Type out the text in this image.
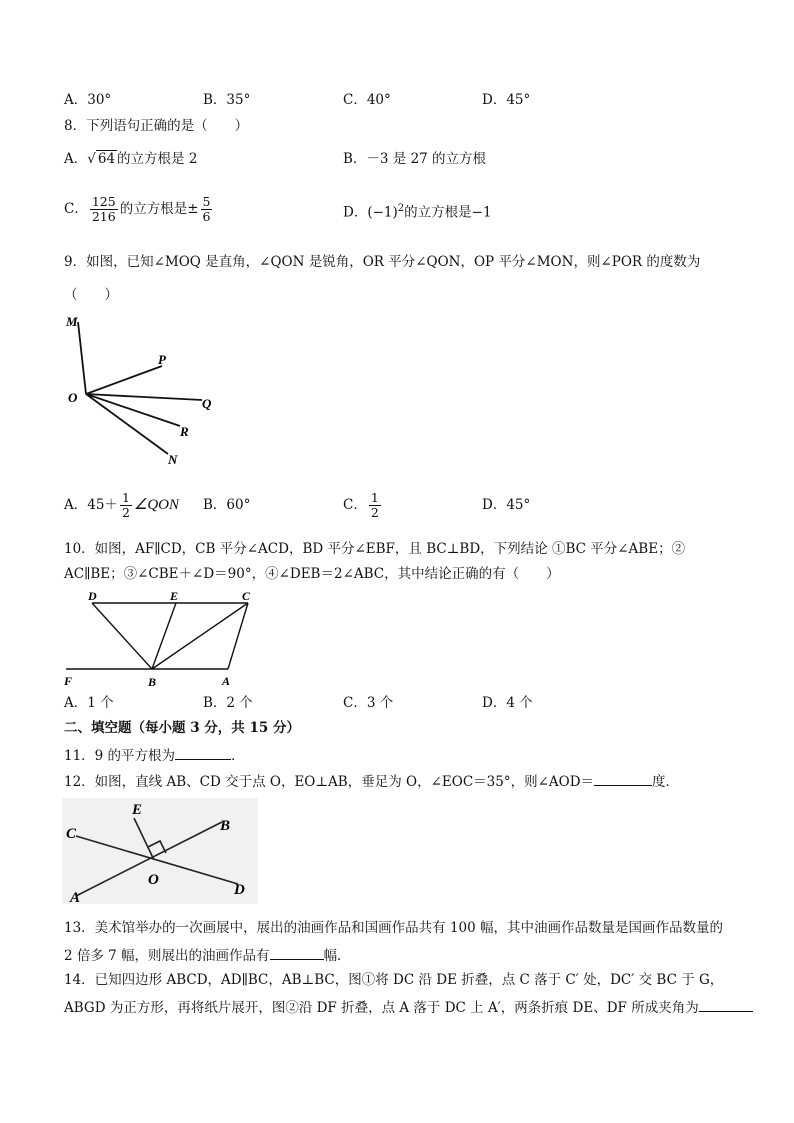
A．30°	B．35°	C．40°	D．45°
8．下列语句正确的是（　　）
A．√ 64 的立方根是 2	B．－3 是 27 的立方根
C． $\frac{125}{216}$ 的立方根是± $\frac{5}{6}$	D．$(-1)^2$的立方根是−1
9．如图，已知∠MOQ 是直角，∠QON 是锐角，OR 平分∠QON，OP 平分∠MON，则∠POR 的度数为
（　　）
M
P
O	Q
R
N
A．$45+ \frac{1}{2}$ ∠QON B．60°	C． $\frac{1}{2}$	D．45°
10．如图，AF∥CD，CB 平分∠ACD，BD 平分∠EBF，且 BC⊥BD，下列结论 ①BC 平分∠ABE；②
AC∥BE；③∠CBE＋∠D＝90°，④∠DEB＝2∠ABC，其中结论正确的有（　　）
D	E	C
F	B	A
A．1 个	B．2 个	C．3 个	D．4 个
二、填空题（每小题 3 分，共 15 分）
11．9 的平方根为	．
12．如图，直线 AB、CD 交于点 O，EO⊥AB，垂足为 O，∠EOC＝35°，则∠AOD＝	度．
E
B
C
O
A	D
13．美术馆举办的一次画展中，展出的油画作品和国画作品共有 100 幅，其中油画作品数量是国画作品数量的
2 倍多 7 幅，则展出的油画作品有	幅．
14．已知四边形 ABCD，AD∥BC，AB⊥BC，图①将 DC 沿 DE 折叠，点 C 落于 C′ 处，DC′ 交 BC 于 G，
ABGD 为正方形，再将纸片展开，图②沿 DF 折叠，点 A 落于 DC 上 A′，两条折痕 DE、DF 所成夹角为
